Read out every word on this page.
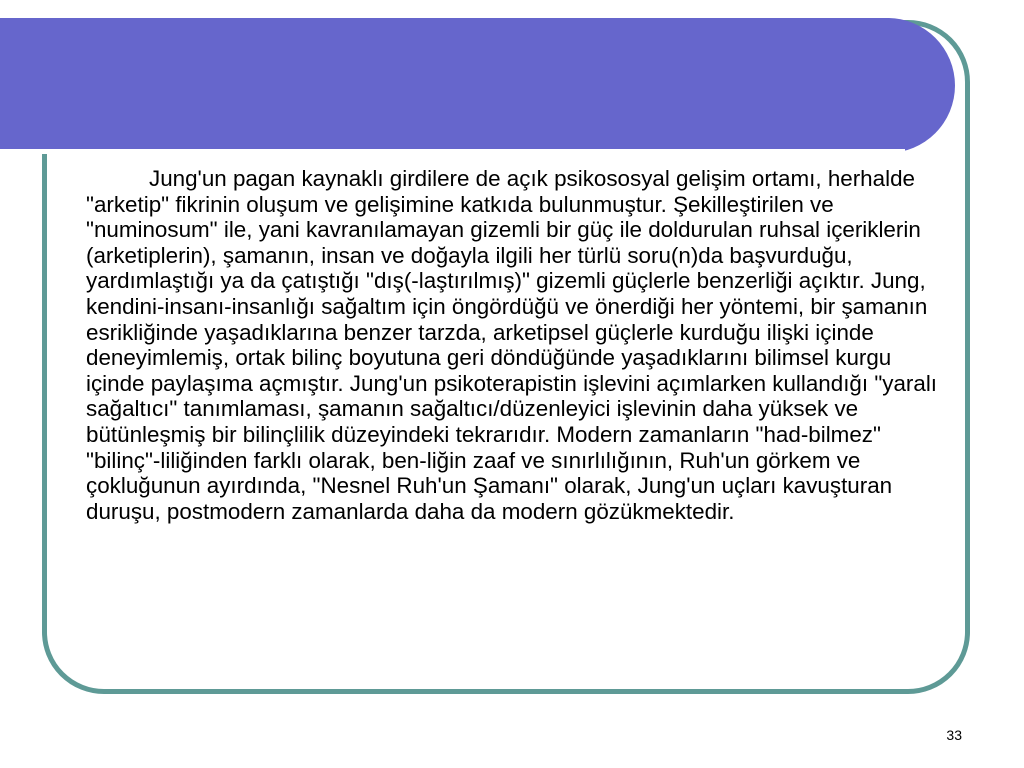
Jung'un pagan kaynaklı girdilere de açık psikososyal gelişim ortamı, herhalde "arketip" fikrinin oluşum ve gelişimine katkıda bulunmuştur. Şekilleştirilen ve "numinosum" ile, yani kavranılamayan gizemli bir güç ile doldurulan ruhsal içeriklerin (arketiplerin), şamanın, insan ve doğayla ilgili her türlü soru(n)da başvurduğu, yardımlaştığı ya da çatıştığı "dış(-laştırılmış)" gizemli güçlerle benzerliği açıktır. Jung, kendini-insanı-insanlığı sağaltım için öngördüğü ve önerdiği her yöntemi, bir şamanın esrikliğinde yaşadıklarına benzer tarzda, arketipsel güçlerle kurduğu ilişki içinde deneyimlemiş, ortak bilinç boyutuna geri döndüğünde yaşadıklarını bilimsel kurgu içinde paylaşıma açmıştır. Jung'un psikoterapistin işlevini açımlarken kullandığı "yaralı sağaltıcı" tanımlaması, şamanın sağaltıcı/düzenleyici işlevinin daha yüksek ve bütünleşmiş bir bilinçlilik düzeyindeki tekrarıdır. Modern zamanların "had-bilmez" "bilinç"-liliğinden farklı olarak, ben-liğin zaaf ve sınırlılığının, Ruh'un görkem ve çokluğunun ayırdında, "Nesnel Ruh'un Şamanı" olarak, Jung'un uçları kavuşturan duruşu, postmodern zamanlarda daha da modern gözükmektedir.

33
